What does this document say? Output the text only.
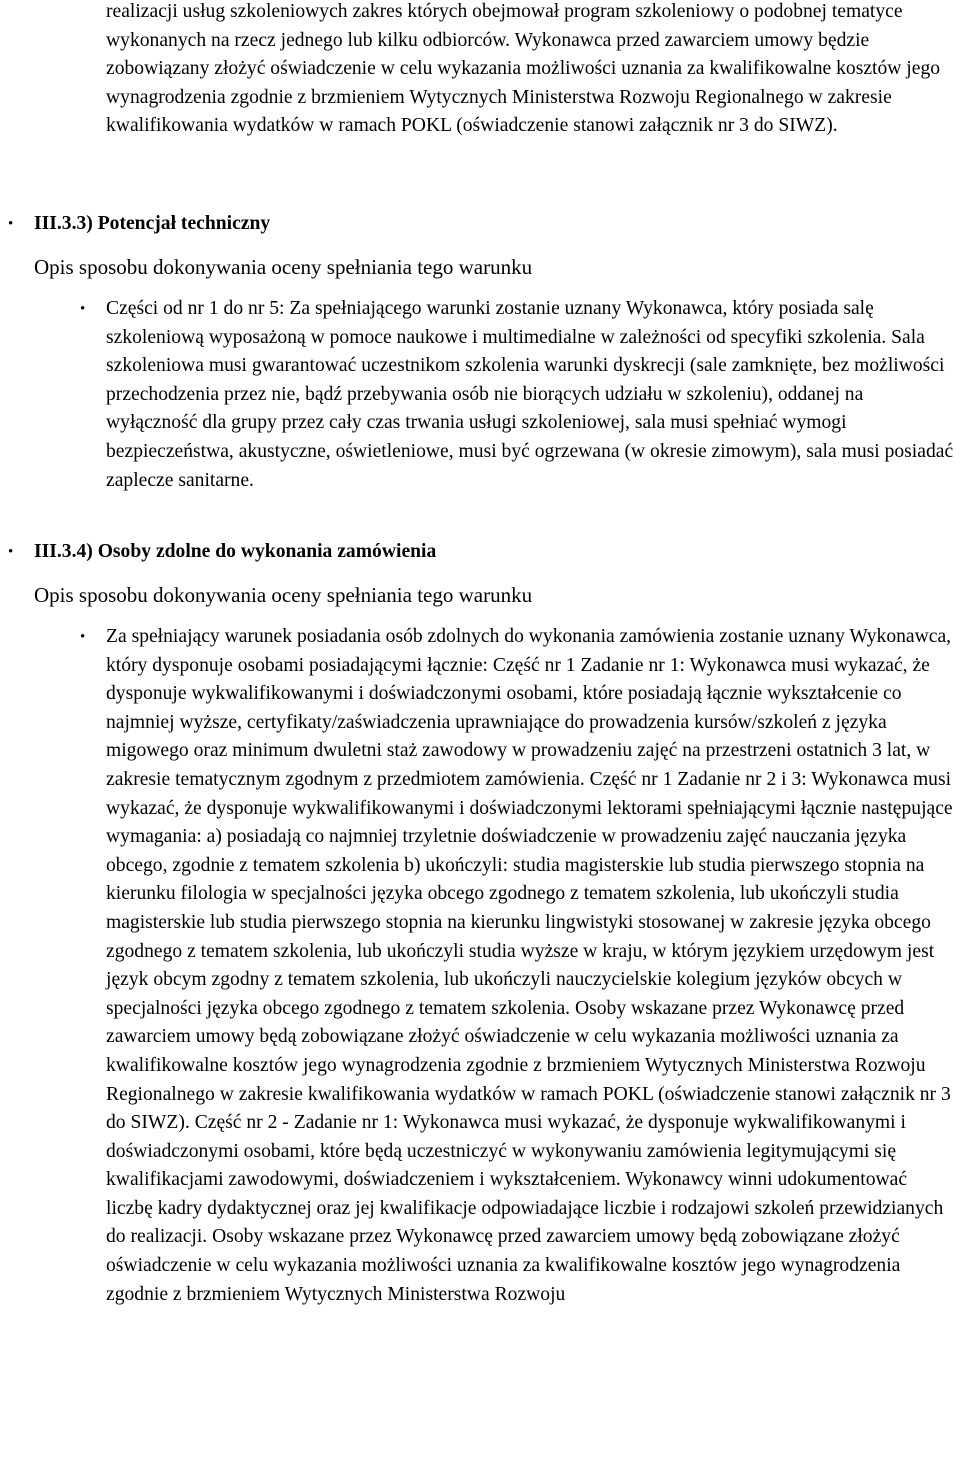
realizacji usług szkoleniowych zakres których obejmował program szkoleniowy o podobnej tematyce wykonanych na rzecz jednego lub kilku odbiorców. Wykonawca przed zawarciem umowy będzie zobowiązany złożyć oświadczenie w celu wykazania możliwości uznania za kwalifikowalne kosztów jego wynagrodzenia zgodnie z brzmieniem Wytycznych Ministerstwa Rozwoju Regionalnego w zakresie kwalifikowania wydatków w ramach POKL (oświadczenie stanowi załącznik nr 3 do SIWZ).

•	III.3.3) Potencjał techniczny
Opis sposobu dokonywania oceny spełniania tego warunku
•	Części od nr 1 do nr 5: Za spełniającego warunki zostanie uznany Wykonawca, który posiada salę szkoleniową wyposażoną w pomoce naukowe i multimedialne w zależności od specyfiki szkolenia. Sala szkoleniowa musi gwarantować uczestnikom szkolenia warunki dyskrecji (sale zamknięte, bez możliwości przechodzenia przez nie, bądź przebywania osób nie biorących udziału w szkoleniu), oddanej na wyłączność dla grupy przez cały czas trwania usługi szkoleniowej, sala musi spełniać wymogi bezpieczeństwa, akustyczne, oświetleniowe, musi być ogrzewana (w okresie zimowym), sala musi posiadać zaplecze sanitarne.

•	III.3.4) Osoby zdolne do wykonania zamówienia
Opis sposobu dokonywania oceny spełniania tego warunku
•	Za spełniający warunek posiadania osób zdolnych do wykonania zamówienia zostanie uznany Wykonawca, który dysponuje osobami posiadającymi łącznie: Część nr 1 Zadanie nr 1: Wykonawca musi wykazać, że dysponuje wykwalifikowanymi i doświadczonymi osobami, które posiadają łącznie wykształcenie co najmniej wyższe, certyfikaty/zaświadczenia uprawniające do prowadzenia kursów/szkoleń z języka migowego oraz minimum dwuletni staż zawodowy w prowadzeniu zajęć na przestrzeni ostatnich 3 lat, w zakresie tematycznym zgodnym z przedmiotem zamówienia. Część nr 1 Zadanie nr 2 i 3: Wykonawca musi wykazać, że dysponuje wykwalifikowanymi i doświadczonymi lektorami spełniającymi łącznie następujące wymagania: a) posiadają co najmniej trzyletnie doświadczenie w prowadzeniu zajęć nauczania języka obcego, zgodnie z tematem szkolenia b) ukończyli: studia magisterskie lub studia pierwszego stopnia na kierunku filologia w specjalności języka obcego zgodnego z tematem szkolenia, lub ukończyli studia magisterskie lub studia pierwszego stopnia na kierunku lingwistyki stosowanej w zakresie języka obcego zgodnego z tematem szkolenia, lub ukończyli studia wyższe w kraju, w którym językiem urzędowym jest język obcym zgodny z tematem szkolenia, lub ukończyli nauczycielskie kolegium języków obcych w specjalności języka obcego zgodnego z tematem szkolenia. Osoby wskazane przez Wykonawcę przed zawarciem umowy będą zobowiązane złożyć oświadczenie w celu wykazania możliwości uznania za kwalifikowalne kosztów jego wynagrodzenia zgodnie z brzmieniem Wytycznych Ministerstwa Rozwoju Regionalnego w zakresie kwalifikowania wydatków w ramach POKL (oświadczenie stanowi załącznik nr 3 do SIWZ). Część nr 2 - Zadanie nr 1: Wykonawca musi wykazać, że dysponuje wykwalifikowanymi i doświadczonymi osobami, które będą uczestniczyć w wykonywaniu zamówienia legitymującymi się kwalifikacjami zawodowymi, doświadczeniem i wykształceniem. Wykonawcy winni udokumentować liczbę kadry dydaktycznej oraz jej kwalifikacje odpowiadające liczbie i rodzajowi szkoleń przewidzianych do realizacji. Osoby wskazane przez Wykonawcę przed zawarciem umowy będą zobowiązane złożyć oświadczenie w celu wykazania możliwości uznania za kwalifikowalne kosztów jego wynagrodzenia zgodnie z brzmieniem Wytycznych Ministerstwa Rozwoju
